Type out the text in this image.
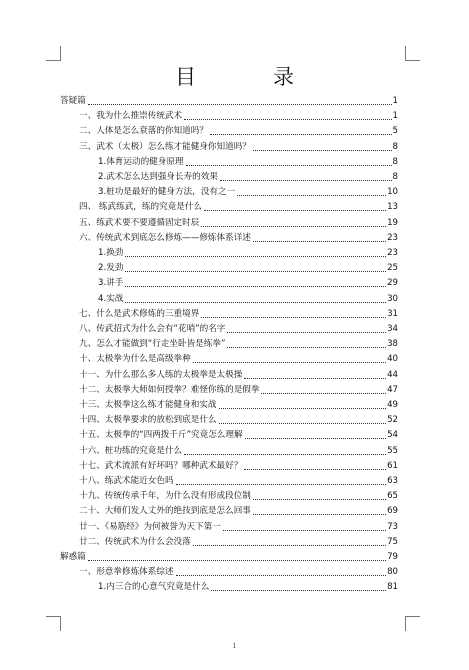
目　录
答疑篇	1
一、我为什么推崇传统武术	1
二、人体是怎么衰落的你知道吗？	5
三、武术（太极）怎么练才能健身你知道吗？	8
1.体育运动的健身原理	8
2.武术怎么达到强身长寿的效果	8
3.桩功是最好的健身方法，没有之一	10
四、 练武练武，练的究竟是什么	13
五、练武术要不要遵循固定时辰	19
六、传统武术到底怎么修炼——修炼体系详述	23
1.换劲	23
2.发劲	25
3.讲手	29
4.实战	30
七、什么是武术修炼的三重境界	31
八、传武招式为什么会有“花哨”的名字	34
九、怎么才能做到“行走坐卧皆是练拳”	38
十、太极拳为什么是高级拳种	40
十一、为什么那么多人练的太极拳是太极操	44
十二、太极拳大师如何授拳？难怪你练的是假拳	47
十三、太极拳这么练才能健身和实战	49
十四、太极拳要求的放松到底是什么	52
十五、太极拳的“四两拨千斤”究竟怎么理解	54
十六、桩功练的究竟是什么	55
十七、武术流派有好坏吗？哪种武术最好？	61
十八、练武术能近女色吗	63
十九、传统传承千年，为什么没有形成段位制	65
二十、大师们发人丈外的绝技到底是怎么回事	69
廿一、《易筋经》为何被誉为天下第一	73
廿二、传统武术为什么会没落	75
解惑篇	79
一、形意拳修炼体系综述	80
1.内三合的心意气究竟是什么	81
1
